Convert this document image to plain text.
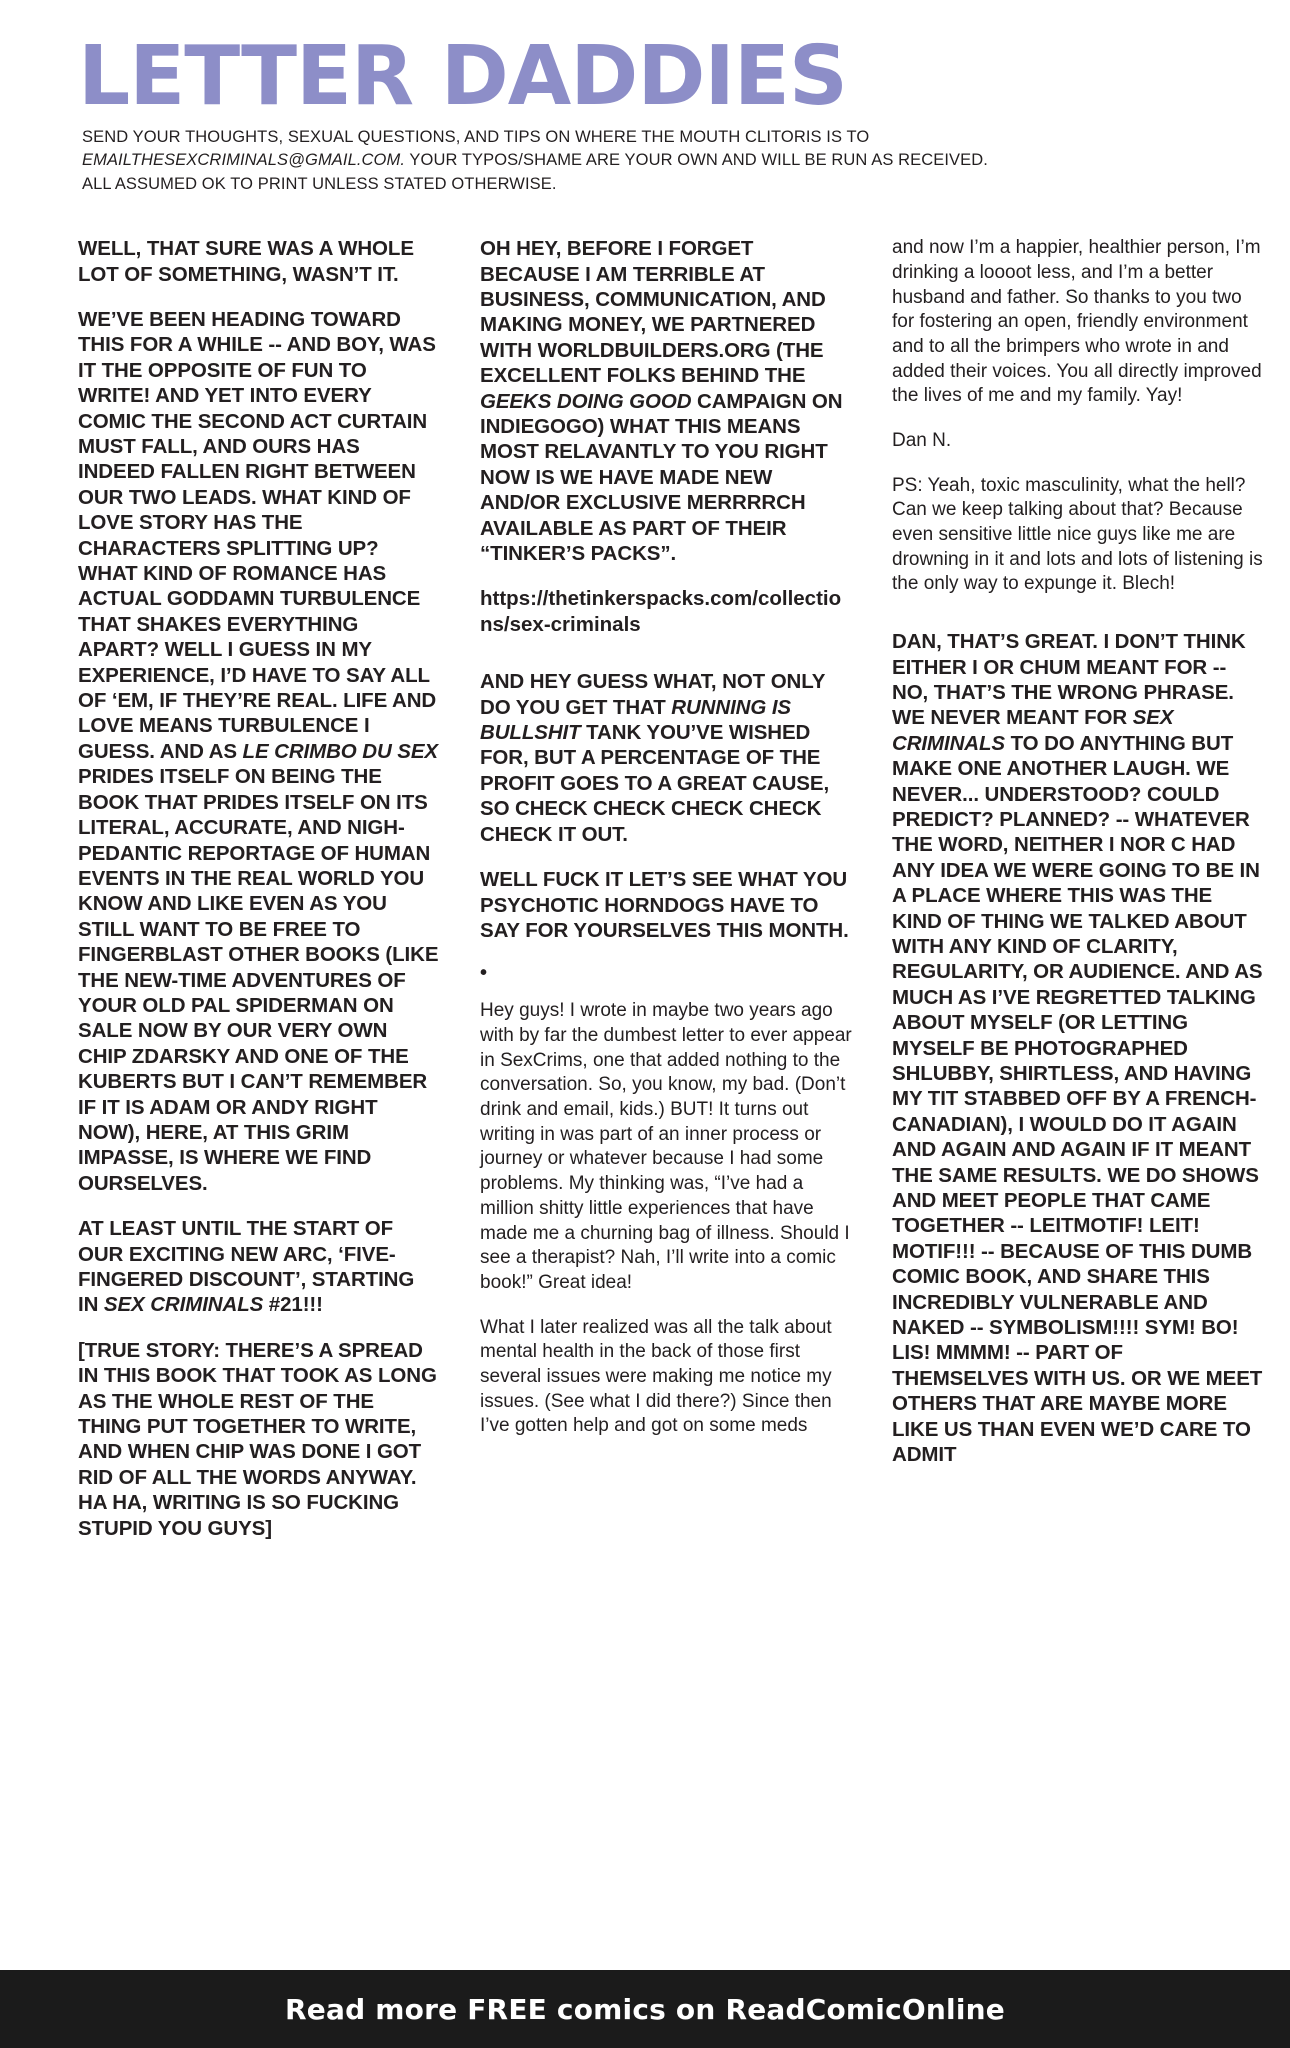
LETTER DADDIES
SEND YOUR THOUGHTS, SEXUAL QUESTIONS, AND TIPS ON WHERE THE MOUTH CLITORIS IS TO
EMAILTHESEXCRIMINALS@GMAIL.COM. YOUR TYPOS/SHAME ARE YOUR OWN AND WILL BE RUN AS RECEIVED.
ALL ASSUMED OK TO PRINT UNLESS STATED OTHERWISE.

WELL, THAT SURE WAS A WHOLE LOT OF SOMETHING, WASN’T IT.

WE’VE BEEN HEADING TOWARD THIS FOR A WHILE -- AND BOY, WAS IT THE OPPOSITE OF FUN TO WRITE! AND YET INTO EVERY COMIC THE SECOND ACT CURTAIN MUST FALL, AND OURS HAS INDEED FALLEN RIGHT BETWEEN OUR TWO LEADS. WHAT KIND OF LOVE STORY HAS THE CHARACTERS SPLITTING UP? WHAT KIND OF ROMANCE HAS ACTUAL GODDAMN TURBULENCE THAT SHAKES EVERYTHING APART? WELL I GUESS IN MY EXPERIENCE, I’D HAVE TO SAY ALL OF ‘EM, IF THEY’RE REAL. LIFE AND LOVE MEANS TURBULENCE I GUESS. AND AS LE CRIMBO DU SEX PRIDES ITSELF ON BEING THE BOOK THAT PRIDES ITSELF ON ITS LITERAL, ACCURATE, AND NIGH-PEDANTIC REPORTAGE OF HUMAN EVENTS IN THE REAL WORLD YOU KNOW AND LIKE EVEN AS YOU STILL WANT TO BE FREE TO FINGERBLAST OTHER BOOKS (LIKE THE NEW-TIME ADVENTURES OF YOUR OLD PAL SPIDERMAN ON SALE NOW BY OUR VERY OWN CHIP ZDARSKY AND ONE OF THE KUBERTS BUT I CAN’T REMEMBER IF IT IS ADAM OR ANDY RIGHT NOW), HERE, AT THIS GRIM IMPASSE, IS WHERE WE FIND OURSELVES.

AT LEAST UNTIL THE START OF OUR EXCITING NEW ARC, ‘FIVE-FINGERED DISCOUNT’, STARTING IN SEX CRIMINALS #21!!!

[TRUE STORY: THERE’S A SPREAD IN THIS BOOK THAT TOOK AS LONG AS THE WHOLE REST OF THE THING PUT TOGETHER TO WRITE, AND WHEN CHIP WAS DONE I GOT RID OF ALL THE WORDS ANYWAY. HA HA, WRITING IS SO FUCKING STUPID YOU GUYS]

OH HEY, BEFORE I FORGET BECAUSE I AM TERRIBLE AT BUSINESS, COMMUNICATION, AND MAKING MONEY, WE PARTNERED WITH WORLDBUILDERS.ORG (THE EXCELLENT FOLKS BEHIND THE GEEKS DOING GOOD CAMPAIGN ON INDIEGOGO) WHAT THIS MEANS MOST RELAVANTLY TO YOU RIGHT NOW IS WE HAVE MADE NEW AND/OR EXCLUSIVE MERRRRCH AVAILABLE AS PART OF THEIR “TINKER’S PACKS”.

https://thetinkerspacks.com/collections/sex-criminals

AND HEY GUESS WHAT, NOT ONLY DO YOU GET THAT RUNNING IS BULLSHIT TANK YOU’VE WISHED FOR, BUT A PERCENTAGE OF THE PROFIT GOES TO A GREAT CAUSE, SO CHECK CHECK CHECK CHECK CHECK IT OUT.

WELL FUCK IT LET’S SEE WHAT YOU PSYCHOTIC HORNDOGS HAVE TO SAY FOR YOURSELVES THIS MONTH.

•

Hey guys! I wrote in maybe two years ago with by far the dumbest letter to ever appear in SexCrims, one that added nothing to the conversation. So, you know, my bad. (Don’t drink and email, kids.) BUT! It turns out writing in was part of an inner process or journey or whatever because I had some problems. My thinking was, “I’ve had a million shitty little experiences that have made me a churning bag of illness. Should I see a therapist? Nah, I’ll write into a comic book!” Great idea!

What I later realized was all the talk about mental health in the back of those first several issues were making me notice my issues. (See what I did there?) Since then I’ve gotten help and got on some meds

and now I’m a happier, healthier person, I’m drinking a loooot less, and I’m a better husband and father. So thanks to you two for fostering an open, friendly environment and to all the brimpers who wrote in and added their voices. You all directly improved the lives of me and my family. Yay!

Dan N.

PS: Yeah, toxic masculinity, what the hell? Can we keep talking about that? Because even sensitive little nice guys like me are drowning in it and lots and lots of listening is the only way to expunge it. Blech!

DAN, THAT’S GREAT. I DON’T THINK EITHER I OR CHUM MEANT FOR -- NO, THAT’S THE WRONG PHRASE. WE NEVER MEANT FOR SEX CRIMINALS TO DO ANYTHING BUT MAKE ONE ANOTHER LAUGH. WE NEVER... UNDERSTOOD? COULD PREDICT? PLANNED? -- WHATEVER THE WORD, NEITHER I NOR C HAD ANY IDEA WE WERE GOING TO BE IN A PLACE WHERE THIS WAS THE KIND OF THING WE TALKED ABOUT WITH ANY KIND OF CLARITY, REGULARITY, OR AUDIENCE. AND AS MUCH AS I’VE REGRETTED TALKING ABOUT MYSELF (OR LETTING MYSELF BE PHOTOGRAPHED SHLUBBY, SHIRTLESS, AND HAVING MY TIT STABBED OFF BY A FRENCH-CANADIAN), I WOULD DO IT AGAIN AND AGAIN AND AGAIN IF IT MEANT THE SAME RESULTS. WE DO SHOWS AND MEET PEOPLE THAT CAME TOGETHER -- LEITMOTIF! LEIT! MOTIF!!! -- BECAUSE OF THIS DUMB COMIC BOOK, AND SHARE THIS INCREDIBLY VULNERABLE AND NAKED -- SYMBOLISM!!!! SYM! BO! LIS! MMMM! -- PART OF THEMSELVES WITH US. OR WE MEET OTHERS THAT ARE MAYBE MORE LIKE US THAN EVEN WE’D CARE TO ADMIT

Read more FREE comics on ReadComicOnline
